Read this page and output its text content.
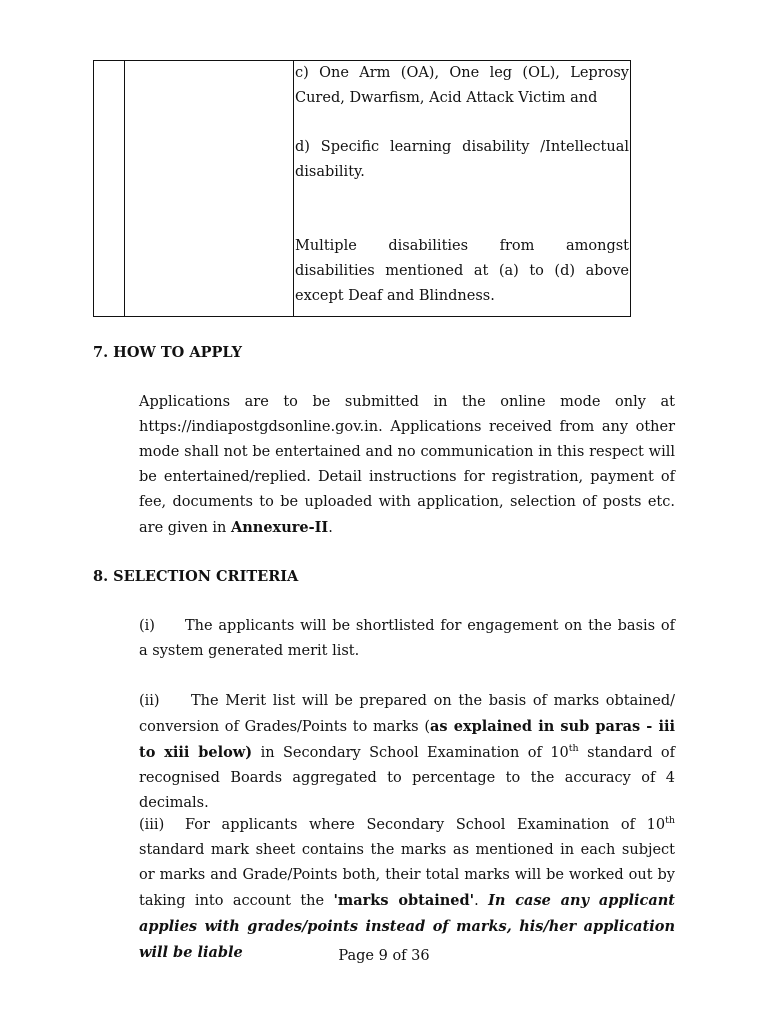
c) One Arm (OA), One leg (OL), Leprosy Cured, Dwarfism, Acid Attack Victim and

d) Specific learning disability /Intellectual disability.

Multiple disabilities from amongst disabilities mentioned at (a) to (d) above except Deaf and Blindness.

7. HOW TO APPLY

Applications are to be submitted in the online mode only at https://indiapostgdsonline.gov.in. Applications received from any other mode shall not be entertained and no communication in this respect will be entertained/replied. Detail instructions for registration, payment of fee, documents to be uploaded with application, selection of posts etc. are given in Annexure-II.

8. SELECTION CRITERIA

(i) The applicants will be shortlisted for engagement on the basis of a system generated merit list.

(ii) The Merit list will be prepared on the basis of marks obtained/ conversion of Grades/Points to marks (as explained in sub paras - iii to xiii below) in Secondary School Examination of 10th standard of recognised Boards aggregated to percentage to the accuracy of 4 decimals.

(iii) For applicants where Secondary School Examination of 10th standard mark sheet contains the marks as mentioned in each subject or marks and Grade/Points both, their total marks will be worked out by taking into account the 'marks obtained'. In case any applicant applies with grades/points instead of marks, his/her application will be liable	Page 9 of 36
